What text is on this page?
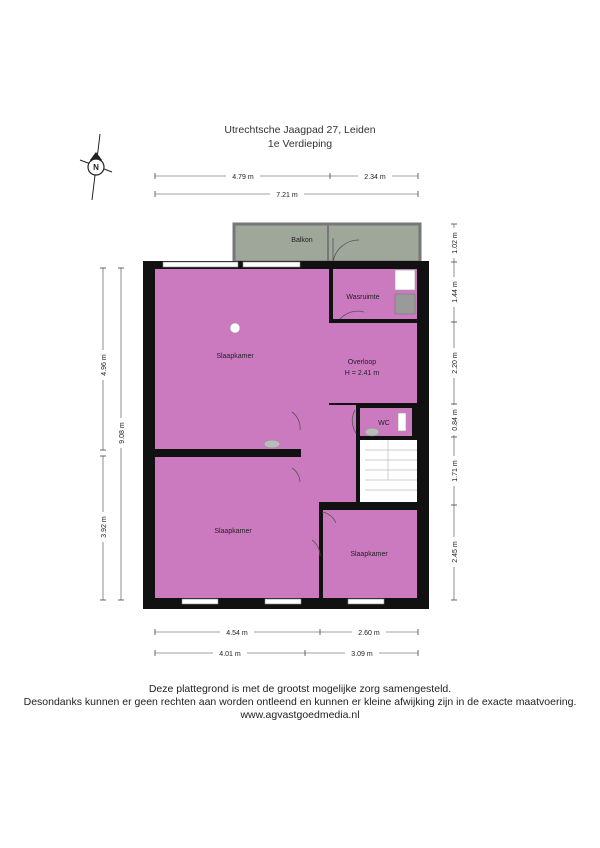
Utrechtsche Jaagpad 27, Leiden
1e Verdieping
N
Balkon
Slaapkamer
Wasruimte
Overloop
H = 2.41 m
WC
Slaapkamer
Slaapkamer
4.79 m	2.34 m
7.21 m
4.96 m
3.92 m
9.08 m
1.02 m
1.44 m
2.20 m
0.84 m
1.71 m
2.45 m
4.54 m	2.60 m
4.01 m	3.09 m
Deze plattegrond is met de grootst mogelijke zorg samengesteld.
Desondanks kunnen er geen rechten aan worden ontleend en kunnen er kleine afwijking zijn in de exacte maatvoering.
www.agvastgoedmedia.nl
